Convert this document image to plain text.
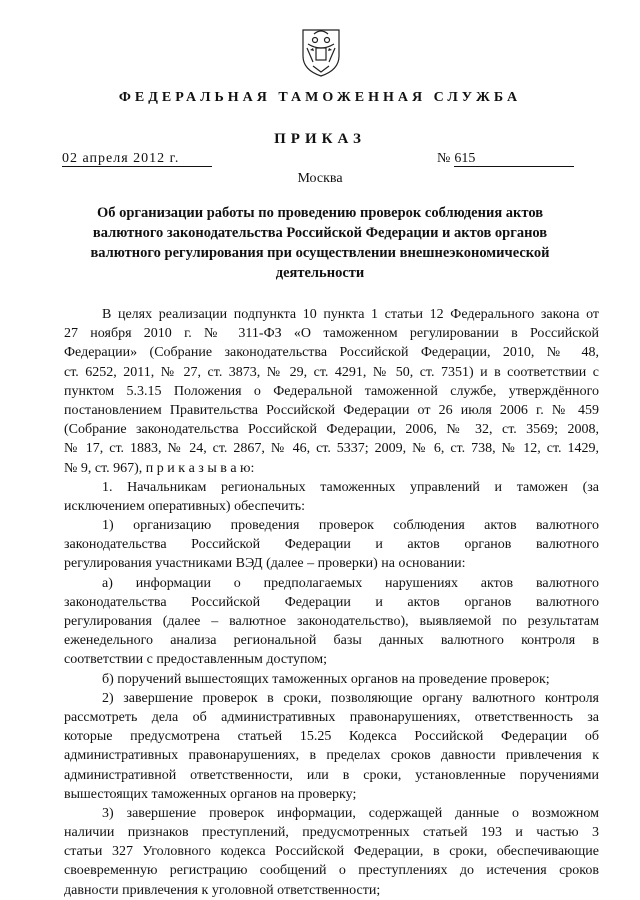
ФЕДЕРАЛЬНАЯ ТАМОЖЕННАЯ СЛУЖБА
ПРИКАЗ
02 апреля 2012 г.	№ 615
Москва
Об организации работы по проведению проверок соблюдения актов
валютного законодательства Российской Федерации и актов органов
валютного регулирования при осуществлении внешнеэкономической
деятельности
В целях реализации подпункта 10 пункта 1 статьи 12 Федерального закона от
27 ноября 2010 г. № 311-ФЗ «О таможенном регулировании в Российской
Федерации» (Собрание законодательства Российской Федерации, 2010, № 48,
ст. 6252, 2011, № 27, ст. 3873, № 29, ст. 4291, № 50, ст. 7351) и в соответствии с
пунктом 5.3.15 Положения о Федеральной таможенной службе, утверждённого
постановлением Правительства Российской Федерации от 26 июля 2006 г. № 459
(Собрание законодательства Российской Федерации, 2006, № 32, ст. 3569; 2008,
№ 17, ст. 1883, № 24, ст. 2867, № 46, ст. 5337; 2009, № 6, ст. 738, № 12, ст. 1429,
№ 9, ст. 967), п р и к а з ы в а ю:
1. Начальникам региональных таможенных управлений и таможен (за
исключением оперативных) обеспечить:
1) организацию проведения проверок соблюдения актов валютного
законодательства Российской Федерации и актов органов валютного
регулирования участниками ВЭД (далее – проверки) на основании:
а) информации о предполагаемых нарушениях актов валютного
законодательства Российской Федерации и актов органов валютного
регулирования (далее – валютное законодательство), выявляемой по результатам
еженедельного анализа региональной базы данных валютного контроля в
соответствии с предоставленным доступом;
б) поручений вышестоящих таможенных органов на проведение проверок;
2) завершение проверок в сроки, позволяющие органу валютного контроля
рассмотреть дела об административных правонарушениях, ответственность за
которые предусмотрена статьей 15.25 Кодекса Российской Федерации об
административных правонарушениях, в пределах сроков давности привлечения к
административной ответственности, или в сроки, установленные поручениями
вышестоящих таможенных органов на проверку;
3) завершение проверок информации, содержащей данные о возможном
наличии признаков преступлений, предусмотренных статьей 193 и частью 3
статьи 327 Уголовного кодекса Российской Федерации, в сроки, обеспечивающие
своевременную регистрацию сообщений о преступлениях до истечения сроков
давности привлечения к уголовной ответственности;
